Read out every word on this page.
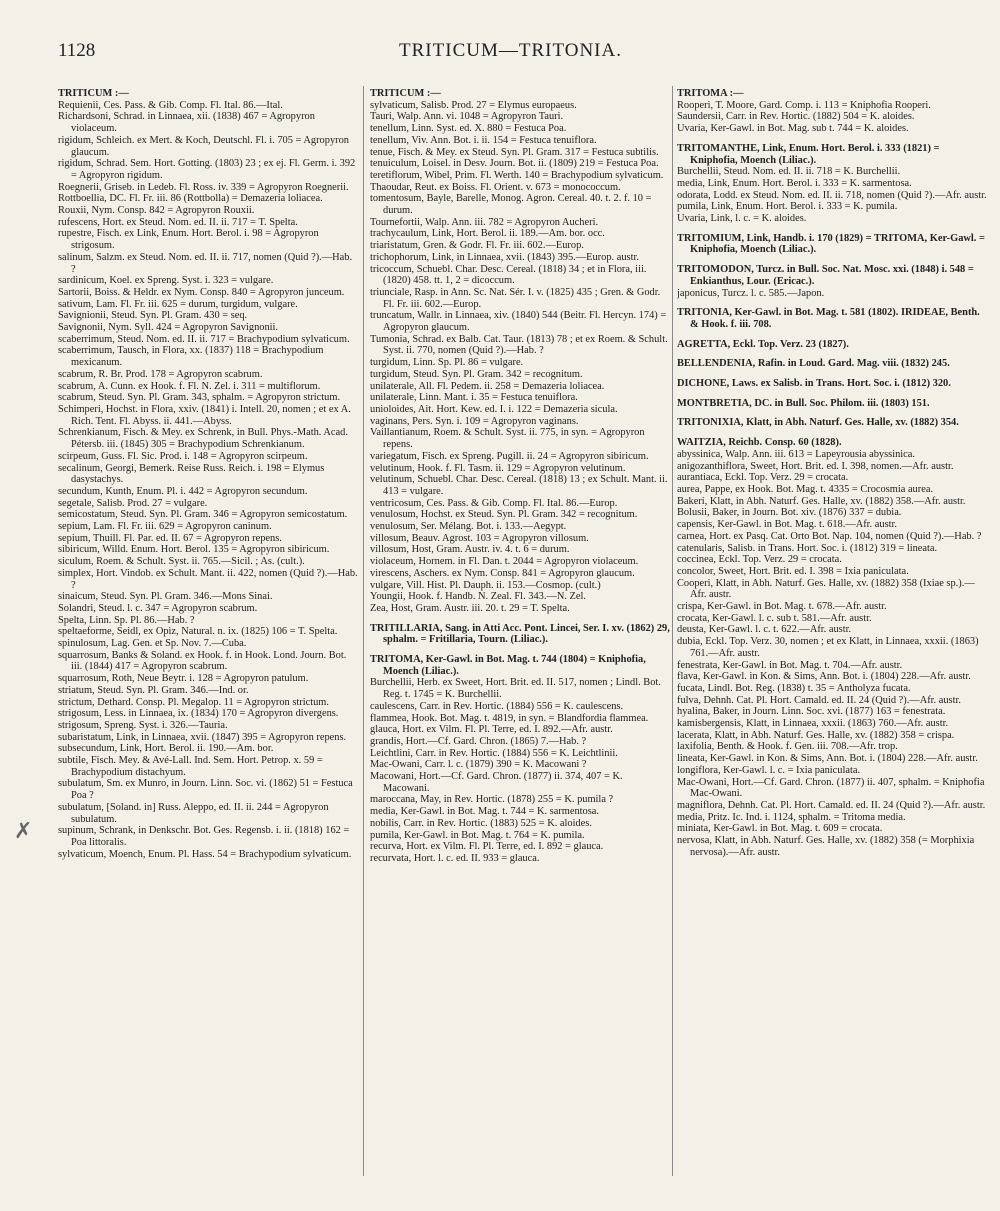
1128	TRITICUM—TRITONIA.
✗

TRITICUM :—

Requienii, Ces. Pass. & Gib. Comp. Fl. Ital. 86.—Ital.

Richardsoni, Schrad. in Linnaea, xii. (1838) 467 = Agropyron violaceum.

rigidum, Schleich. ex Mert. & Koch, Deutschl. Fl. i. 705 = Agropyron glaucum.

rigidum, Schrad. Sem. Hort. Gotting. (1803) 23 ; ex ej. Fl. Germ. i. 392 = Agropyron rigidum.

Roegnerii, Griseb. in Ledeb. Fl. Ross. iv. 339 = Agropyron Roegnerii.

Rottboellia, DC. Fl. Fr. iii. 86 (Rottbolla) = Demazeria loliacea.

Rouxii, Nym. Consp. 842 = Agropyron Rouxii.

rufescens, Hort. ex Steud. Nom. ed. II. ii. 717 = T. Spelta.

rupestre, Fisch. ex Link, Enum. Hort. Berol. i. 98 = Agropyron strigosum.

salinum, Salzm. ex Steud. Nom. ed. II. ii. 717, nomen (Quid ?).—Hab. ?

sardinicum, Koel. ex Spreng. Syst. i. 323 = vulgare.

Sartorii, Boiss. & Heldr. ex Nym. Consp. 840 = Agropyron junceum.

sativum, Lam. Fl. Fr. iii. 625 = durum, turgidum, vulgare.

Savignionii, Steud. Syn. Pl. Gram. 430 = seq.

Savignonii, Nym. Syll. 424 = Agropyron Savignonii.

scaberrimum, Steud. Nom. ed. II. ii. 717 = Brachypodium sylvaticum.

scaberrimum, Tausch, in Flora, xx. (1837) 118 = Brachypodium mexicanum.

scabrum, R. Br. Prod. 178 = Agropyron scabrum.

scabrum, A. Cunn. ex Hook. f. Fl. N. Zel. i. 311 = multiflorum.

scabrum, Steud. Syn. Pl. Gram. 343, sphalm. = Agropyron strictum.

Schimperi, Hochst. in Flora, xxiv. (1841) i. Intell. 20, nomen ; et ex A. Rich. Tent. Fl. Abyss. ii. 441.—Abyss.

Schrenkianum, Fisch. & Mey. ex Schrenk, in Bull. Phys.-Math. Acad. Pétersb. iii. (1845) 305 = Brachypodium Schrenkianum.

scirpeum, Guss. Fl. Sic. Prod. i. 148 = Agropyron scirpeum.

secalinum, Georgi, Bemerk. Reise Russ. Reich. i. 198 = Elymus dasystachys.

secundum, Kunth, Enum. Pl. i. 442 = Agropyron secundum.

segetale, Salisb. Prod. 27 = vulgare.

semicostatum, Steud. Syn. Pl. Gram. 346 = Agropyron semicostatum.

sepium, Lam. Fl. Fr. iii. 629 = Agropyron caninum.

sepium, Thuill. Fl. Par. ed. II. 67 = Agropyron repens.

sibiricum, Willd. Enum. Hort. Berol. 135 = Agropyron sibiricum.

siculum, Roem. & Schult. Syst. ii. 765.—Sicil. ; As. (cult.).

simplex, Hort. Vindob. ex Schult. Mant. ii. 422, nomen (Quid ?).—Hab. ?

sinaicum, Steud. Syn. Pl. Gram. 346.—Mons Sinai.

Solandri, Steud. l. c. 347 = Agropyron scabrum.

Spelta, Linn. Sp. Pl. 86.—Hab. ?

speltaeforme, Seidl, ex Opiz, Natural. n. ix. (1825) 106 = T. Spelta.

spinulosum, Lag. Gen. et Sp. Nov. 7.—Cuba.

squarrosum, Banks & Soland. ex Hook. f. in Hook. Lond. Journ. Bot. iii. (1844) 417 = Agropyron scabrum.

squarrosum, Roth, Neue Beytr. i. 128 = Agropyron patulum.

striatum, Steud. Syn. Pl. Gram. 346.—Ind. or.

strictum, Dethard. Consp. Pl. Megalop. 11 = Agropyron strictum.

strigosum, Less. in Linnaea, ix. (1834) 170 = Agropyron divergens.

strigosum, Spreng. Syst. i. 326.—Tauria.

subaristatum, Link, in Linnaea, xvii. (1847) 395 = Agropyron repens.

subsecundum, Link, Hort. Berol. ii. 190.—Am. bor.

subtile, Fisch. Mey. & Avé-Lall. Ind. Sem. Hort. Petrop. x. 59 = Brachypodium distachyum.

subulatum, Sm. ex Munro, in Journ. Linn. Soc. vi. (1862) 51 = Festuca Poa ?

subulatum, [Soland. in] Russ. Aleppo, ed. II. ii. 244 = Agropyron subulatum.

supinum, Schrank, in Denkschr. Bot. Ges. Regensb. i. ii. (1818) 162 = Poa littoralis.

sylvaticum, Moench, Enum. Pl. Hass. 54 = Brachypodium sylvaticum.

TRITICUM :—

sylvaticum, Salisb. Prod. 27 = Elymus europaeus.

Tauri, Walp. Ann. vi. 1048 = Agropyron Tauri.

tenellum, Linn. Syst. ed. X. 880 = Festuca Poa.

tenellum, Viv. Ann. Bot. i. ii. 154 = Festuca tenuiflora.

tenue, Fisch. & Mey. ex Steud. Syn. Pl. Gram. 317 = Festuca subtilis.

tenuiculum, Loisel. in Desv. Journ. Bot. ii. (1809) 219 = Festuca Poa.

teretiflorum, Wibel, Prim. Fl. Werth. 140 = Brachypodium sylvaticum.

Thaoudar, Reut. ex Boiss. Fl. Orient. v. 673 = monococcum.

tomentosum, Bayle, Barelle, Monog. Agron. Cereal. 40. t. 2. f. 10 = durum.

Tournefortii, Walp. Ann. iii. 782 = Agropyron Aucheri.

trachycaulum, Link, Hort. Berol. ii. 189.—Am. bor. occ.

triaristatum, Gren. & Godr. Fl. Fr. iii. 602.—Europ.

trichophorum, Link, in Linnaea, xvii. (1843) 395.—Europ. austr.

tricoccum, Schuebl. Char. Desc. Cereal. (1818) 34 ; et in Flora, iii. (1820) 458. tt. 1, 2 = dicoccum.

triunciale, Rasp. in Ann. Sc. Nat. Sér. I. v. (1825) 435 ; Gren. & Godr. Fl. Fr. iii. 602.—Europ.

truncatum, Wallr. in Linnaea, xiv. (1840) 544 (Beitr. Fl. Hercyn. 174) = Agropyron glaucum.

Tumonia, Schrad. ex Balb. Cat. Taur. (1813) 78 ; et ex Roem. & Schult. Syst. ii. 770, nomen (Quid ?).—Hab. ?

turgidum, Linn. Sp. Pl. 86 = vulgare.

turgidum, Steud. Syn. Pl. Gram. 342 = recognitum.

unilaterale, All. Fl. Pedem. ii. 258 = Demazeria loliacea.

unilaterale, Linn. Mant. i. 35 = Festuca tenuiflora.

unioloides, Ait. Hort. Kew. ed. I. i. 122 = Demazeria sicula.

vaginans, Pers. Syn. i. 109 = Agropyron vaginans.

Vaillantianum, Roem. & Schult. Syst. ii. 775, in syn. = Agropyron repens.

variegatum, Fisch. ex Spreng. Pugill. ii. 24 = Agropyron sibiricum.

velutinum, Hook. f. Fl. Tasm. ii. 129 = Agropyron velutinum.

velutinum, Schuebl. Char. Desc. Cereal. (1818) 13 ; ex Schult. Mant. ii. 413 = vulgare.

ventricosum, Ces. Pass. & Gib. Comp. Fl. Ital. 86.—Europ.

venulosum, Hochst. ex Steud. Syn. Pl. Gram. 342 = recognitum.

venulosum, Ser. Mélang. Bot. i. 133.—Aegypt.

villosum, Beauv. Agrost. 103 = Agropyron villosum.

villosum, Host, Gram. Austr. iv. 4. t. 6 = durum.

violaceum, Hornem. in Fl. Dan. t. 2044 = Agropyron violaceum.

virescens, Aschers. ex Nym. Consp. 841 = Agropyron glaucum.

vulgare, Vill. Hist. Pl. Dauph. ii. 153.—Cosmop. (cult.)

Youngii, Hook. f. Handb. N. Zeal. Fl. 343.—N. Zel.

Zea, Host, Gram. Austr. iii. 20. t. 29 = T. Spelta.

TRITILLARIA, Sang. in Atti Acc. Pont. Lincei, Ser. I. xv. (1862) 29, sphalm. = Fritillaria, Tourn. (Liliac.).

TRITOMA, Ker-Gawl. in Bot. Mag. t. 744 (1804) = Kniphofia, Moench (Liliac.).

Burchellii, Herb. ex Sweet, Hort. Brit. ed. II. 517, nomen ; Lindl. Bot. Reg. t. 1745 = K. Burchellii.

caulescens, Carr. in Rev. Hortic. (1884) 556 = K. caulescens.

flammea, Hook. Bot. Mag. t. 4819, in syn. = Blandfordia flammea.

glauca, Hort. ex Vilm. Fl. Pl. Terre, ed. I. 892.—Afr. austr.

grandis, Hort.—Cf. Gard. Chron. (1865) 7.—Hab. ?

Leichtlini, Carr. in Rev. Hortic. (1884) 556 = K. Leichtlinii.

Mac-Owani, Carr. l. c. (1879) 390 = K. Macowani ?

Macowani, Hort.—Cf. Gard. Chron. (1877) ii. 374, 407 = K. Macowani.

maroccana, May, in Rev. Hortic. (1878) 255 = K. pumila ?

media, Ker-Gawl. in Bot. Mag. t. 744 = K. sarmentosa.

nobilis, Carr. in Rev. Hortic. (1883) 525 = K. aloides.

pumila, Ker-Gawl. in Bot. Mag. t. 764 = K. pumila.

recurva, Hort. ex Vilm. Fl. Pl. Terre, ed. I. 892 = glauca.

recurvata, Hort. l. c. ed. II. 933 = glauca.

TRITOMA :—

Rooperi, T. Moore, Gard. Comp. i. 113 = Kniphofia Rooperi.

Saundersii, Carr. in Rev. Hortic. (1882) 504 = K. aloides.

Uvaria, Ker-Gawl. in Bot. Mag. sub t. 744 = K. aloides.

TRITOMANTHE, Link, Enum. Hort. Berol. i. 333 (1821) = Kniphofia, Moench (Liliac.).

Burchellii, Steud. Nom. ed. II. ii. 718 = K. Burchellii.

media, Link, Enum. Hort. Berol. i. 333 = K. sarmentosa.

odorata, Lodd. ex Steud. Nom. ed. II. ii. 718, nomen (Quid ?).—Afr. austr.

pumila, Link, Enum. Hort. Berol. i. 333 = K. pumila.

Uvaria, Link, l. c. = K. aloides.

TRITOMIUM, Link, Handb. i. 170 (1829) = TRITOMA, Ker-Gawl. = Kniphofia, Moench (Liliac.).

TRITOMODON, Turcz. in Bull. Soc. Nat. Mosc. xxi. (1848) i. 548 = Enkianthus, Lour. (Ericac.).

japonicus, Turcz. l. c. 585.—Japon.

TRITONIA, Ker-Gawl. in Bot. Mag. t. 581 (1802). IRIDEAE, Benth. & Hook. f. iii. 708.

AGRETTA, Eckl. Top. Verz. 23 (1827).

BELLENDENIA, Rafin. in Loud. Gard. Mag. viii. (1832) 245.

DICHONE, Laws. ex Salisb. in Trans. Hort. Soc. i. (1812) 320.

MONTBRETIA, DC. in Bull. Soc. Philom. iii. (1803) 151.

TRITONIXIA, Klatt, in Abh. Naturf. Ges. Halle, xv. (1882) 354.

WAITZIA, Reichb. Consp. 60 (1828).

abyssinica, Walp. Ann. iii. 613 = Lapeyrousia abyssinica.

anigozanthiflora, Sweet, Hort. Brit. ed. I. 398, nomen.—Afr. austr.

aurantiaca, Eckl. Top. Verz. 29 = crocata.

aurea, Pappe, ex Hook. Bot. Mag. t. 4335 = Crocosmia aurea.

Bakeri, Klatt, in Abh. Naturf. Ges. Halle, xv. (1882) 358.—Afr. austr.

Bolusii, Baker, in Journ. Bot. xiv. (1876) 337 = dubia.

capensis, Ker-Gawl. in Bot. Mag. t. 618.—Afr. austr.

carnea, Hort. ex Pasq. Cat. Orto Bot. Nap. 104, nomen (Quid ?).—Hab. ?

catenularis, Salisb. in Trans. Hort. Soc. i. (1812) 319 = lineata.

coccinea, Eckl. Top. Verz. 29 = crocata.

concolor, Sweet, Hort. Brit. ed. I. 398 = Ixia paniculata.

Cooperi, Klatt, in Abh. Naturf. Ges. Halle, xv. (1882) 358 (Ixiae sp.).—Afr. austr.

crispa, Ker-Gawl. in Bot. Mag. t. 678.—Afr. austr.

crocata, Ker-Gawl. l. c. sub t. 581.—Afr. austr.

deusta, Ker-Gawl. l. c. t. 622.—Afr. austr.

dubia, Eckl. Top. Verz. 30, nomen ; et ex Klatt, in Linnaea, xxxii. (1863) 761.—Afr. austr.

fenestrata, Ker-Gawl. in Bot. Mag. t. 704.—Afr. austr.

flava, Ker-Gawl. in Kon. & Sims, Ann. Bot. i. (1804) 228.—Afr. austr.

fucata, Lindl. Bot. Reg. (1838) t. 35 = Antholyza fucata.

fulva, Dehnh. Cat. Pl. Hort. Camald. ed. II. 24 (Quid ?).—Afr. austr.

hyalina, Baker, in Journ. Linn. Soc. xvi. (1877) 163 = fenestrata.

kamisbergensis, Klatt, in Linnaea, xxxii. (1863) 760.—Afr. austr.

lacerata, Klatt, in Abh. Naturf. Ges. Halle, xv. (1882) 358 = crispa.

laxifolia, Benth. & Hook. f. Gen. iii. 708.—Afr. trop.

lineata, Ker-Gawl. in Kon. & Sims, Ann. Bot. i. (1804) 228.—Afr. austr.

longiflora, Ker-Gawl. l. c. = Ixia paniculata.

Mac-Owani, Hort.—Cf. Gard. Chron. (1877) ii. 407, sphalm. = Kniphofia Mac-Owani.

magniflora, Dehnh. Cat. Pl. Hort. Camald. ed. II. 24 (Quid ?).—Afr. austr.

media, Pritz. Ic. Ind. i. 1124, sphalm. = Tritoma media.

miniata, Ker-Gawl. in Bot. Mag. t. 609 = crocata.

nervosa, Klatt, in Abh. Naturf. Ges. Halle, xv. (1882) 358 (= Morphixia nervosa).—Afr. austr.
